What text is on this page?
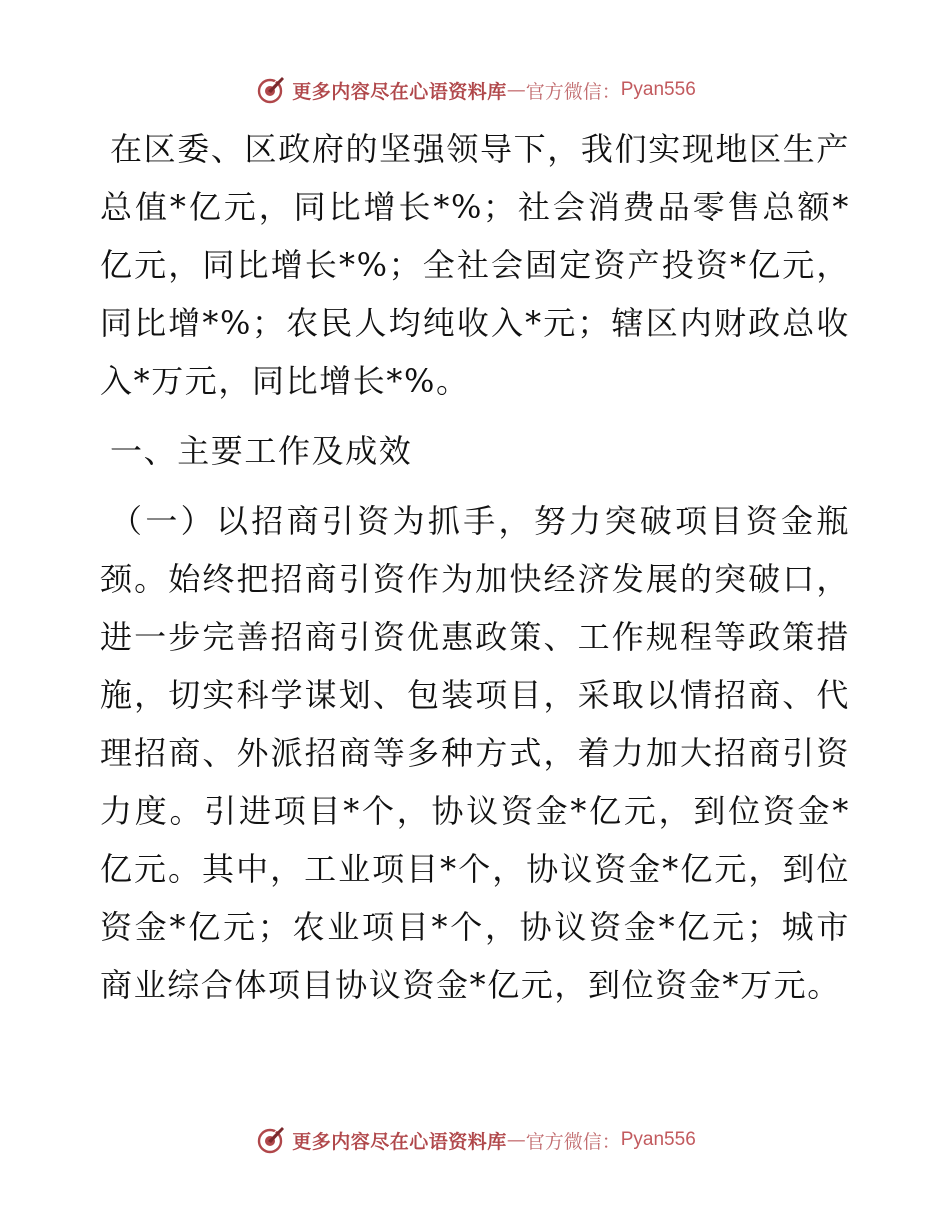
更多内容尽在心语资料库 — 官方微信： Pyan556

在区委、区政府的坚强领导下，我们实现地区生产总值*亿元，同比增长*%；社会消费品零售总额*亿元，同比增长*%；全社会固定资产投资*亿元，同比增*%；农民人均纯收入*元；辖区内财政总收入*万元，同比增长*%。

一、主要工作及成效

（一）以招商引资为抓手，努力突破项目资金瓶颈。始终把招商引资作为加快经济发展的突破口，进一步完善招商引资优惠政策、工作规程等政策措施，切实科学谋划、包装项目，采取以情招商、代理招商、外派招商等多种方式，着力加大招商引资力度。引进项目*个，协议资金*亿元，到位资金*亿元。其中，工业项目*个，协议资金*亿元，到位资金*亿元；农业项目*个，协议资金*亿元；城市商业综合体项目协议资金*亿元，到位资金*万元。

更多内容尽在心语资料库 — 官方微信： Pyan556
